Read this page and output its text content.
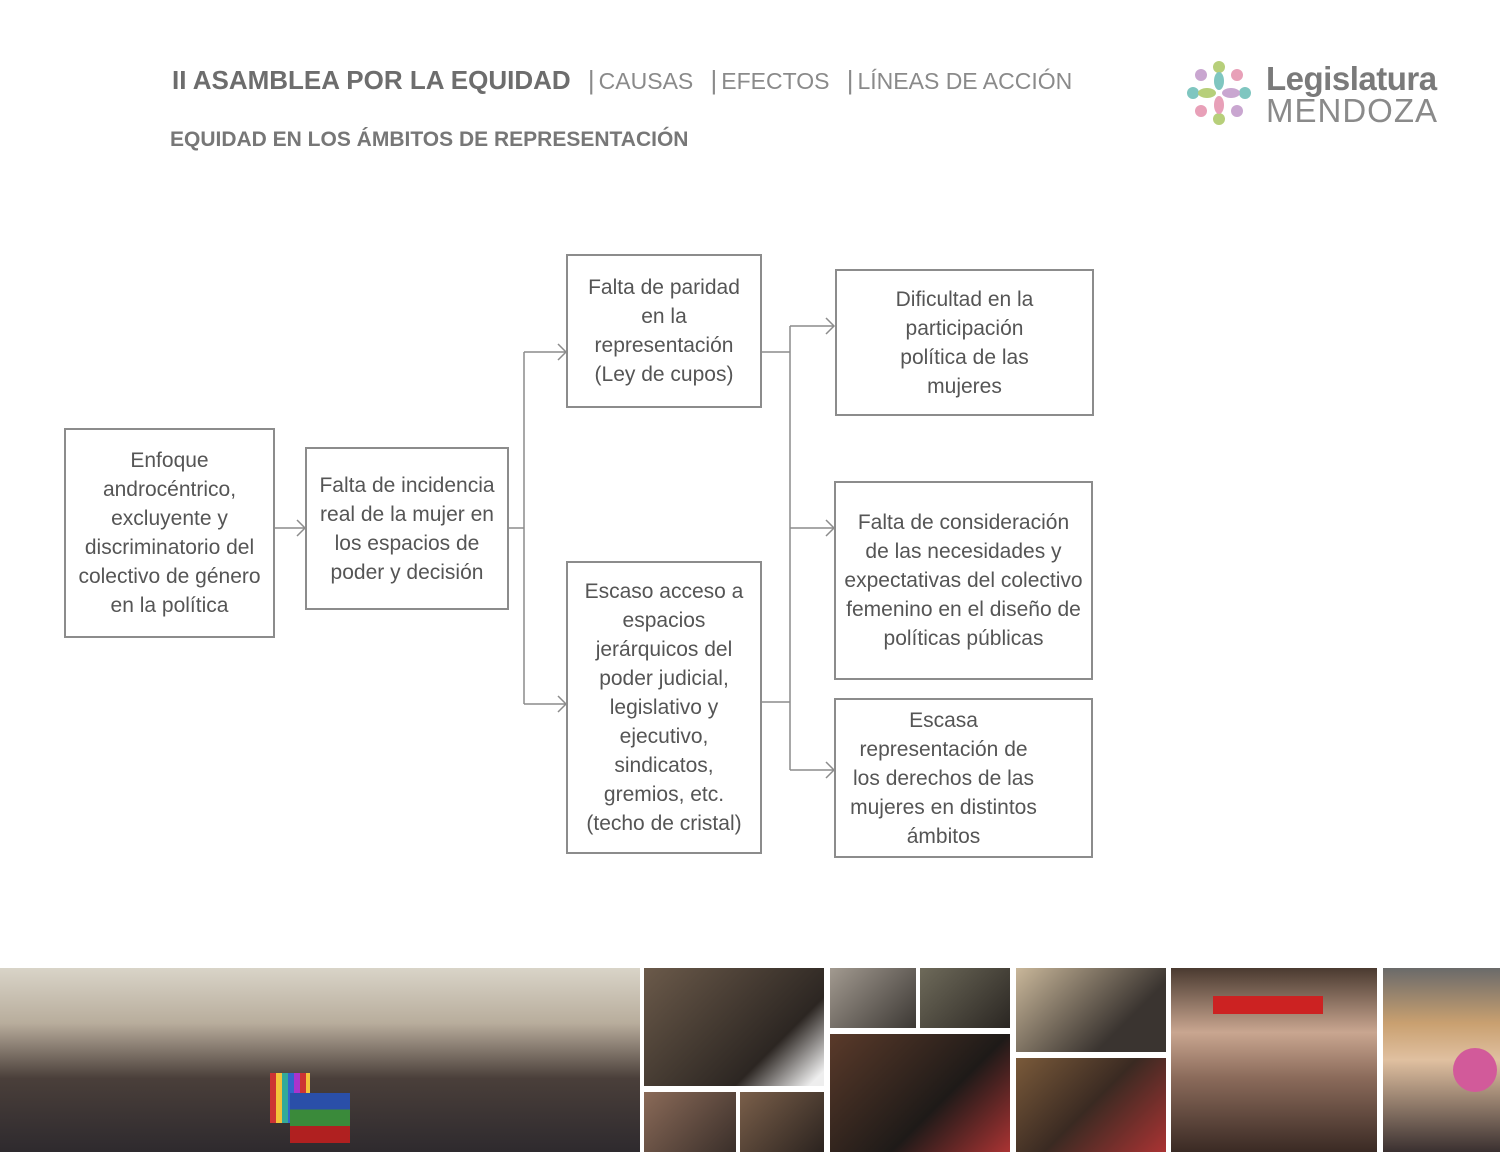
II ASAMBLEA POR LA EQUIDAD | CAUSAS | EFECTOS | LÍNEAS DE ACCIÓN
EQUIDAD EN LOS ÁMBITOS DE REPRESENTACIÓN
Legislatura
MENDOZA
Enfoque androcéntrico, excluyente y discriminatorio del colectivo de género en la política
Falta de incidencia real de la mujer en los espacios de poder y decisión
Falta de paridad en la representación (Ley de cupos)
Escaso acceso a espacios jerárquicos del poder judicial, legislativo y ejecutivo, sindicatos, gremios, etc. (techo de cristal)
Dificultad en la participación política de las mujeres
Falta de consideración de las necesidades y expectativas del colectivo femenino en el diseño de políticas públicas
Escasa representación de los derechos de las mujeres en distintos ámbitos
